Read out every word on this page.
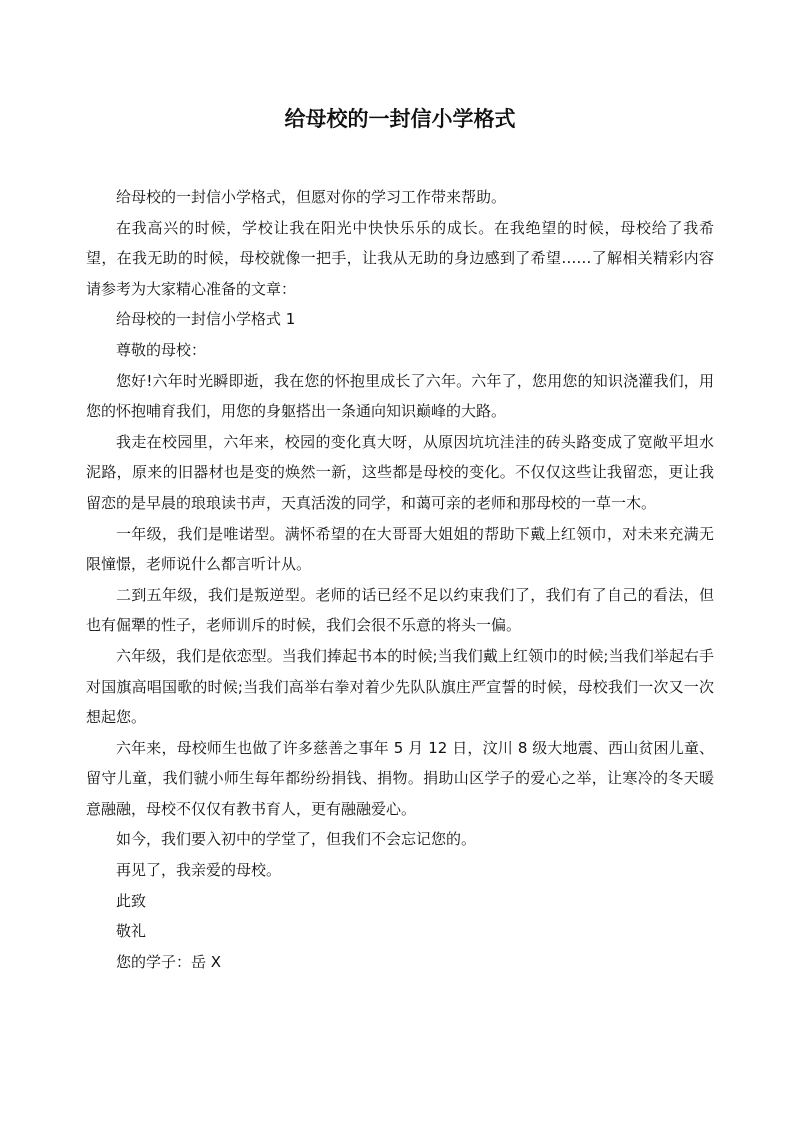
给母校的一封信小学格式

给母校的一封信小学格式，但愿对你的学习工作带来帮助。

在我高兴的时候，学校让我在阳光中快快乐乐的成长。在我绝望的时候，母校给了我希望，在我无助的时候，母校就像一把手，让我从无助的身边感到了希望……了解相关精彩内容请参考为大家精心准备的文章：

给母校的一封信小学格式 1

尊敬的母校：

您好!六年时光瞬即逝，我在您的怀抱里成长了六年。六年了，您用您的知识浇灌我们，用您的怀抱哺育我们，用您的身躯搭出一条通向知识巅峰的大路。

我走在校园里，六年来，校园的变化真大呀，从原因坑坑洼洼的砖头路变成了宽敞平坦水泥路，原来的旧器材也是变的焕然一新，这些都是母校的变化。不仅仅这些让我留恋，更让我留恋的是早晨的琅琅读书声，天真活泼的同学，和蔼可亲的老师和那母校的一草一木。

一年级，我们是唯诺型。满怀希望的在大哥哥大姐姐的帮助下戴上红领巾，对未来充满无限憧憬，老师说什么都言听计从。

二到五年级，我们是叛逆型。老师的话已经不足以约束我们了，我们有了自己的看法，但也有倔犟的性子，老师训斥的时候，我们会很不乐意的将头一偏。

六年级，我们是依恋型。当我们捧起书本的时候;当我们戴上红领巾的时候;当我们举起右手对国旗高唱国歌的时候;当我们高举右拳对着少先队队旗庄严宣誓的时候，母校我们一次又一次想起您。

六年来，母校师生也做了许多慈善之事年 5 月 12 日，汶川 8 级大地震、西山贫困儿童、留守儿童，我们虢小师生每年都纷纷捐钱、捐物。捐助山区学子的爱心之举，让寒冷的冬天暖意融融，母校不仅仅有教书育人，更有融融爱心。

如今，我们要入初中的学堂了，但我们不会忘记您的。

再见了，我亲爱的母校。

此致

敬礼

您的学子：岳 X
